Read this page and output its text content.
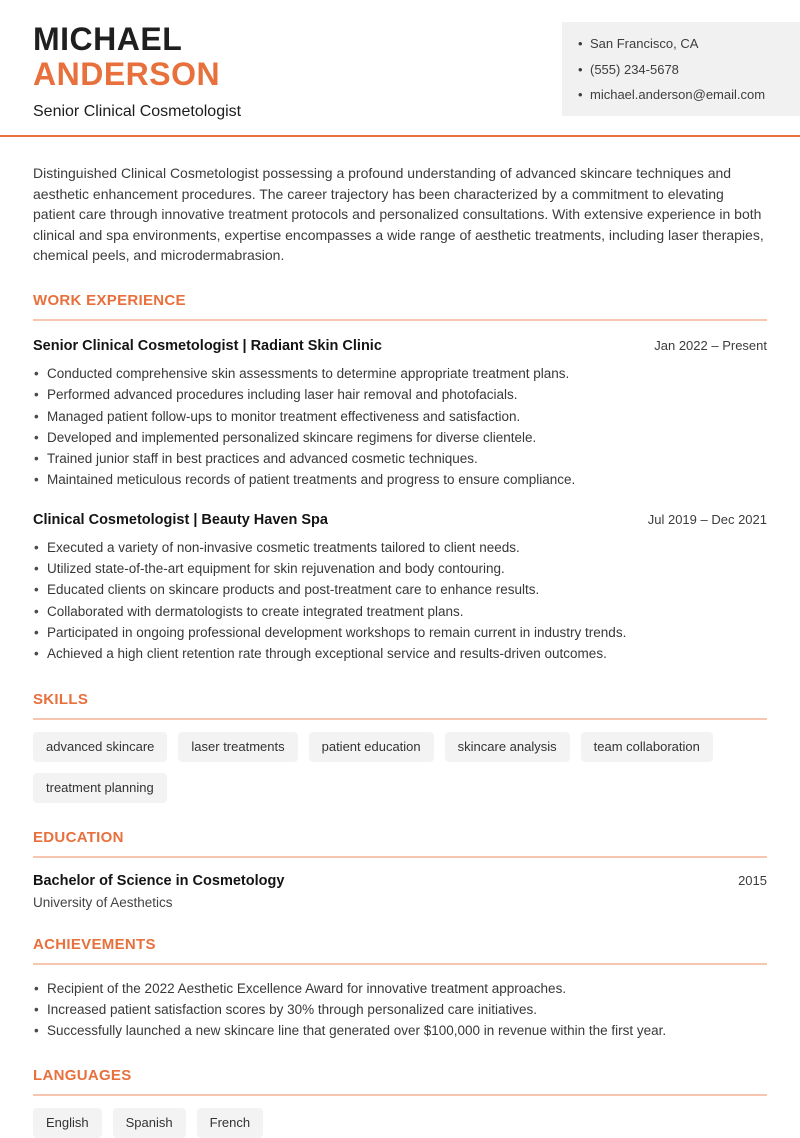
MICHAEL
ANDERSON
Senior Clinical Cosmetologist
• San Francisco, CA
• (555) 234-5678
• michael.anderson@email.com

Distinguished Clinical Cosmetologist possessing a profound understanding of advanced skincare techniques and aesthetic enhancement procedures. The career trajectory has been characterized by a commitment to elevating patient care through innovative treatment protocols and personalized consultations. With extensive experience in both clinical and spa environments, expertise encompasses a wide range of aesthetic treatments, including laser therapies, chemical peels, and microdermabrasion.

WORK EXPERIENCE
Senior Clinical Cosmetologist | Radiant Skin Clinic	Jan 2022 – Present
• Conducted comprehensive skin assessments to determine appropriate treatment plans.
• Performed advanced procedures including laser hair removal and photofacials.
• Managed patient follow-ups to monitor treatment effectiveness and satisfaction.
• Developed and implemented personalized skincare regimens for diverse clientele.
• Trained junior staff in best practices and advanced cosmetic techniques.
• Maintained meticulous records of patient treatments and progress to ensure compliance.
Clinical Cosmetologist | Beauty Haven Spa	Jul 2019 – Dec 2021
• Executed a variety of non-invasive cosmetic treatments tailored to client needs.
• Utilized state-of-the-art equipment for skin rejuvenation and body contouring.
• Educated clients on skincare products and post-treatment care to enhance results.
• Collaborated with dermatologists to create integrated treatment plans.
• Participated in ongoing professional development workshops to remain current in industry trends.
• Achieved a high client retention rate through exceptional service and results-driven outcomes.
SKILLS
advanced skincare	laser treatments	patient education	skincare analysis	team collaboration
treatment planning
EDUCATION
Bachelor of Science in Cosmetology	2015
University of Aesthetics
ACHIEVEMENTS
• Recipient of the 2022 Aesthetic Excellence Award for innovative treatment approaches.
• Increased patient satisfaction scores by 30% through personalized care initiatives.
• Successfully launched a new skincare line that generated over $100,000 in revenue within the first year.
LANGUAGES
English	Spanish	French
